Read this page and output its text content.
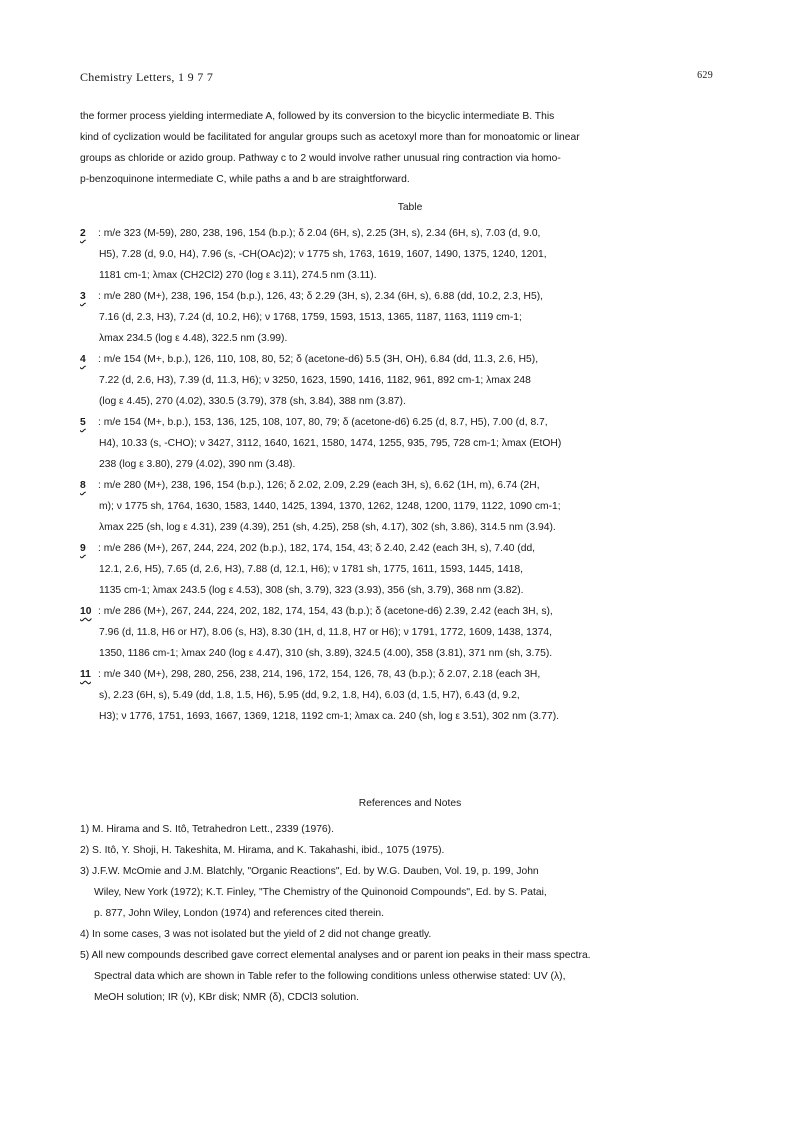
Chemistry Letters, 1 9 7 7	629
the former process yielding intermediate A, followed by its conversion to the bicyclic intermediate B. This
kind of cyclization would be facilitated for angular groups such as acetoxyl more than for monoatomic or linear
groups as chloride or azido group. Pathway c to 2 would involve rather unusual ring contraction via homo-
p-benzoquinone intermediate C, while paths a and b are straightforward.
Table
2 : m/e 323 (M-59), 280, 238, 196, 154 (b.p.); δ 2.04 (6H, s), 2.25 (3H, s), 2.34 (6H, s), 7.03 (d, 9.0,
H5), 7.28 (d, 9.0, H4), 7.96 (s, -CH(OAc)2); ν 1775 sh, 1763, 1619, 1607, 1490, 1375, 1240, 1201,
1181 cm-1; λmax (CH2Cl2) 270 (log ε 3.11), 274.5 nm (3.11).
3 : m/e 280 (M+), 238, 196, 154 (b.p.), 126, 43; δ 2.29 (3H, s), 2.34 (6H, s), 6.88 (dd, 10.2, 2.3, H5),
7.16 (d, 2.3, H3), 7.24 (d, 10.2, H6); ν 1768, 1759, 1593, 1513, 1365, 1187, 1163, 1119 cm-1;
λmax 234.5 (log ε 4.48), 322.5 nm (3.99).
4 : m/e 154 (M+, b.p.), 126, 110, 108, 80, 52; δ (acetone-d6) 5.5 (3H, OH), 6.84 (dd, 11.3, 2.6, H5),
7.22 (d, 2.6, H3), 7.39 (d, 11.3, H6); ν 3250, 1623, 1590, 1416, 1182, 961, 892 cm-1; λmax 248
(log ε 4.45), 270 (4.02), 330.5 (3.79), 378 (sh, 3.84), 388 nm (3.87).
5 : m/e 154 (M+, b.p.), 153, 136, 125, 108, 107, 80, 79; δ (acetone-d6) 6.25 (d, 8.7, H5), 7.00 (d, 8.7,
H4), 10.33 (s, -CHO); ν 3427, 3112, 1640, 1621, 1580, 1474, 1255, 935, 795, 728 cm-1; λmax (EtOH)
238 (log ε 3.80), 279 (4.02), 390 nm (3.48).
8 : m/e 280 (M+), 238, 196, 154 (b.p.), 126; δ 2.02, 2.09, 2.29 (each 3H, s), 6.62 (1H, m), 6.74 (2H,
m); ν 1775 sh, 1764, 1630, 1583, 1440, 1425, 1394, 1370, 1262, 1248, 1200, 1179, 1122, 1090 cm-1;
λmax 225 (sh, log ε 4.31), 239 (4.39), 251 (sh, 4.25), 258 (sh, 4.17), 302 (sh, 3.86), 314.5 nm (3.94).
9 : m/e 286 (M+), 267, 244, 224, 202 (b.p.), 182, 174, 154, 43; δ 2.40, 2.42 (each 3H, s), 7.40 (dd,
12.1, 2.6, H5), 7.65 (d, 2.6, H3), 7.88 (d, 12.1, H6); ν 1781 sh, 1775, 1611, 1593, 1445, 1418,
1135 cm-1; λmax 243.5 (log ε 4.53), 308 (sh, 3.79), 323 (3.93), 356 (sh, 3.79), 368 nm (3.82).
10 : m/e 286 (M+), 267, 244, 224, 202, 182, 174, 154, 43 (b.p.); δ (acetone-d6) 2.39, 2.42 (each 3H, s),
7.96 (d, 11.8, H6 or H7), 8.06 (s, H3), 8.30 (1H, d, 11.8, H7 or H6); ν 1791, 1772, 1609, 1438, 1374,
1350, 1186 cm-1; λmax 240 (log ε 4.47), 310 (sh, 3.89), 324.5 (4.00), 358 (3.81), 371 nm (sh, 3.75).
11 : m/e 340 (M+), 298, 280, 256, 238, 214, 196, 172, 154, 126, 78, 43 (b.p.); δ 2.07, 2.18 (each 3H,
s), 2.23 (6H, s), 5.49 (dd, 1.8, 1.5, H6), 5.95 (dd, 9.2, 1.8, H4), 6.03 (d, 1.5, H7), 6.43 (d, 9.2,
H3); ν 1776, 1751, 1693, 1667, 1369, 1218, 1192 cm-1; λmax ca. 240 (sh, log ε 3.51), 302 nm (3.77).
References and Notes
1) M. Hirama and S. Itô, Tetrahedron Lett., 2339 (1976).
2) S. Itô, Y. Shoji, H. Takeshita, M. Hirama, and K. Takahashi, ibid., 1075 (1975).
3) J.F.W. McOmie and J.M. Blatchly, "Organic Reactions", Ed. by W.G. Dauben, Vol. 19, p. 199, John
Wiley, New York (1972); K.T. Finley, "The Chemistry of the Quinonoid Compounds", Ed. by S. Patai,
p. 877, John Wiley, London (1974) and references cited therein.
4) In some cases, 3 was not isolated but the yield of 2 did not change greatly.
5) All new compounds described gave correct elemental analyses and or parent ion peaks in their mass spectra.
Spectral data which are shown in Table refer to the following conditions unless otherwise stated: UV (λ),
MeOH solution; IR (ν), KBr disk; NMR (δ), CDCl3 solution.
